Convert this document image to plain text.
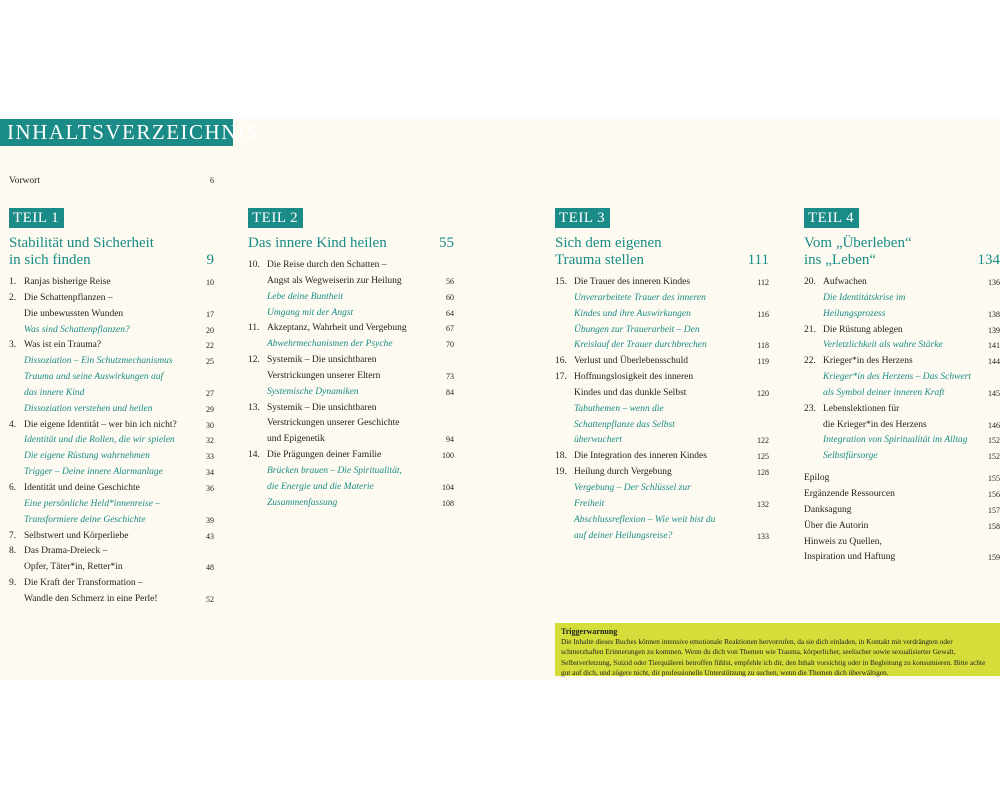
INHALTSVERZEICHNIS
Vorwort	6
TEIL 1
Stabilität und Sicherheit
in sich finden	9
1. Ranjas bisherige Reise	10
2. Die Schattenpflanzen –
Die unbewussten Wunden	17
Was sind Schattenpflanzen?	20
3. Was ist ein Trauma?	22
Dissoziation – Ein Schutzmechanismus	25
Trauma und seine Auswirkungen auf
das innere Kind	27
Dissoziation verstehen und heilen	29
4. Die eigene Identität – wer bin ich nicht?	30
Identität und die Rollen, die wir spielen	32
Die eigene Rüstung wahrnehmen	33
Trigger – Deine innere Alarmanlage	34
6. Identität und deine Geschichte	36
Eine persönliche Held*innenreise –
Transformiere deine Geschichte	39
7. Selbstwert und Körperliebe	43
8. Das Drama-Dreieck –
Opfer, Täter*in, Retter*in	48
9. Die Kraft der Transformation –
Wandle den Schmerz in eine Perle!	52
TEIL 2
Das innere Kind heilen	55
10. Die Reise durch den Schatten –
Angst als Wegweiserin zur Heilung	56
Lebe deine Buntheit	60
Umgang mit der Angst	64
11. Akzeptanz, Wahrheit und Vergebung	67
Abwehrmechanismen der Psyche	70
12. Systemik – Die unsichtbaren
Verstrickungen unserer Eltern	73
Systemische Dynamiken	84
13. Systemik – Die unsichtbaren
Verstrickungen unserer Geschichte
und Epigenetik	94
14. Die Prägungen deiner Familie	100
Brücken brauen – Die Spiritualität,
die Energie und die Materie	104
Zusammenfassung	108
TEIL 3
Sich dem eigenen
Trauma stellen	111
15. Die Trauer des inneren Kindes	112
Unverarbeitete Trauer des inneren
Kindes und ihre Auswirkungen	116
Übungen zur Trauerarbeit – Den
Kreislauf der Trauer durchbrechen	118
16. Verlust und Überlebensschuld	119
17. Hoffnungslosigkeit des inneren
Kindes und das dunkle Selbst	120
Tabuthemen – wenn die
Schattenpflanze das Selbst
überwuchert	122
18. Die Integration des inneren Kindes	125
19. Heilung durch Vergebung	128
Vergebung – Der Schlüssel zur
Freiheit	132
Abschlussreflexion – Wie weit bist du
auf deiner Heilungsreise?	133
TEIL 4
Vom „Überleben“
ins „Leben“	134
20. Aufwachen	136
Die Identitätskrise im
Heilungsprozess	138
21. Die Rüstung ablegen	139
Verletzlichkeit als wahre Stärke	141
22. Krieger*in des Herzens	144
Krieger*in des Herzens – Das Schwert
als Symbol deiner inneren Kraft	145
23. Lebenslektionen für
die Krieger*in des Herzens	146
Integration von Spiritualität im Alltag	152
Selbstfürsorge	152
Epilog	155
Ergänzende Ressourcen	156
Danksagung	157
Über die Autorin	158
Hinweis zu Quellen,
Inspiration und Haftung	159
Triggerwarnung
Die Inhalte dieses Buches können intensive emotionale Reaktionen hervorrufen, da sie dich einladen, in Kontakt mit verdrängten oder schmerzhaften Erinnerungen zu kommen. Wenn du dich von Themen wie Trauma, körperlicher, seelischer sowie sexualisierter Gewalt, Selbstverletzung, Suizid oder Tierquälerei betroffen fühlst, empfehle ich dir, den Inhalt vorsichtig oder in Begleitung zu konsumieren. Bitte achte gut auf dich, und zögere nicht, dir professionelle Unterstützung zu suchen, wenn die Themen dich überwältigen.
